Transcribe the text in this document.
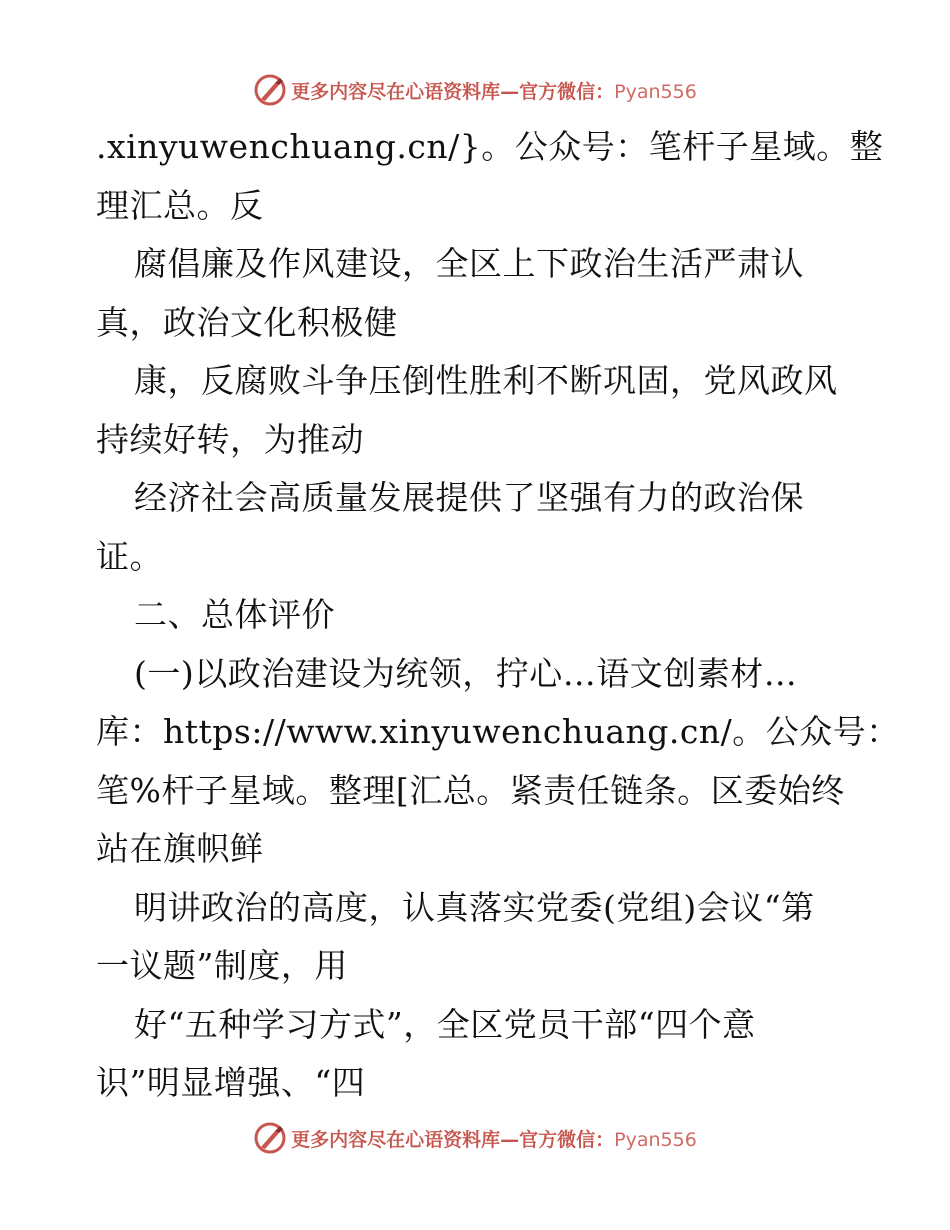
更多内容尽在心语资料库—官方微信：Pyan556
.xinyuwenchuang.cn/}。公众号：笔杆子星域。整
理汇总。反
腐倡廉及作风建设，全区上下政治生活严肃认
真，政治文化积极健
康，反腐败斗争压倒性胜利不断巩固，党风政风
持续好转，为推动
经济社会高质量发展提供了坚强有力的政治保
证。
二、总体评价
(一)以政治建设为统领，拧心…语文创素材…
库：https://www.xinyuwenchuang.cn/。公众号：
笔%杆子星域。整理[汇总。紧责任链条。区委始终
站在旗帜鲜
明讲政治的高度，认真落实党委(党组)会议“第
一议题”制度，用
好“五种学习方式”，全区党员干部“四个意
识”明显增强、“四
更多内容尽在心语资料库—官方微信：Pyan556
